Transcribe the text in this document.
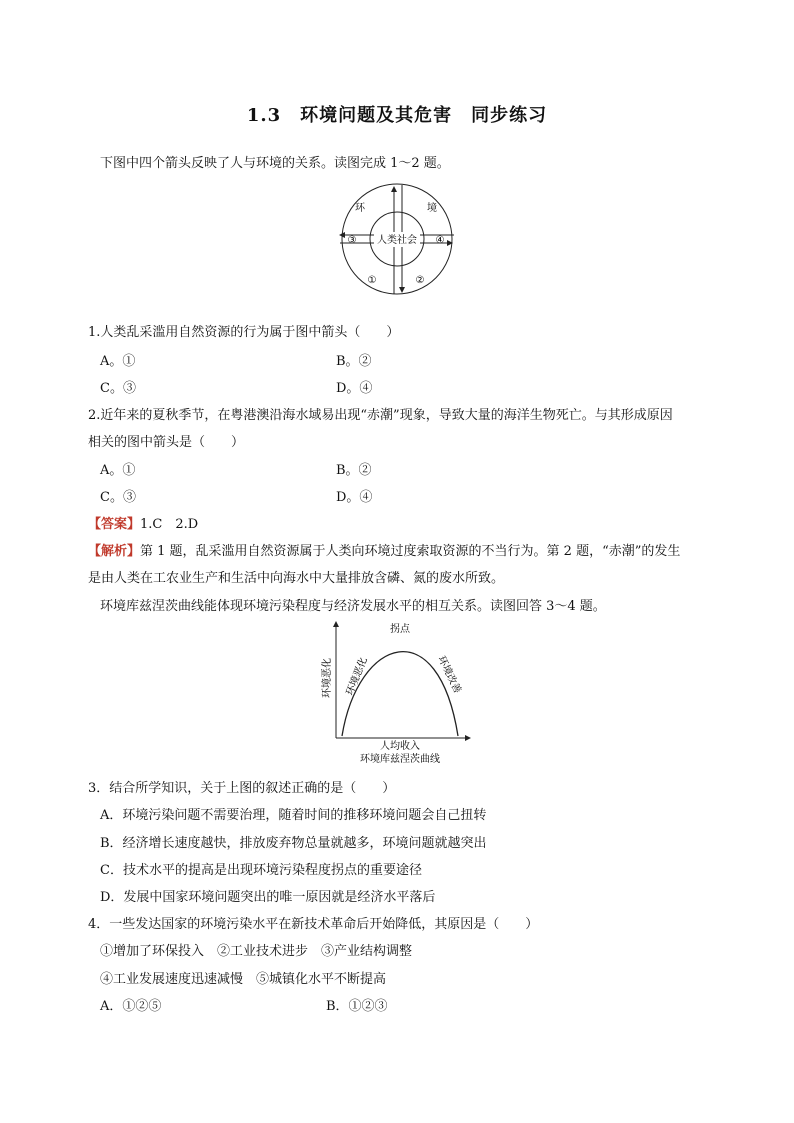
1.3　环境问题及其危害　同步练习
下图中四个箭头反映了人与环境的关系。读图完成 1～2 题。
环	境
③ 人类社会 ④
①	②
1.人类乱采滥用自然资源的行为属于图中箭头（　　）
A。①	B。②
C。③	D。④
2.近年来的夏秋季节，在粤港澳沿海水域易出现“赤潮”现象，导致大量的海洋生物死亡。与其形成原因
相关的图中箭头是（　　）
A。①	B。②
C。③	D。④
【答案】1.C　2.D
【解析】第 1 题，乱采滥用自然资源属于人类向环境过度索取资源的不当行为。第 2 题，“赤潮”的发生
是由人类在工农业生产和生活中向海水中大量排放含磷、氮的废水所致。
环境库兹涅茨曲线能体现环境污染程度与经济发展水平的相互关系。读图回答 3～4 题。
环境恶化
拐点
环境恶化	环境改善
人均收入
环境库兹涅茨曲线
3．结合所学知识，关于上图的叙述正确的是（　　）
A．环境污染问题不需要治理，随着时间的推移环境问题会自己扭转
B．经济增长速度越快，排放废弃物总量就越多，环境问题就越突出
C．技术水平的提高是出现环境污染程度拐点的重要途径
D．发展中国家环境问题突出的唯一原因就是经济水平落后
4．一些发达国家的环境污染水平在新技术革命后开始降低，其原因是（　　）
①增加了环保投入　②工业技术进步　③产业结构调整
④工业发展速度迅速减慢　⑤城镇化水平不断提高
A．①②⑤	B．①②③
